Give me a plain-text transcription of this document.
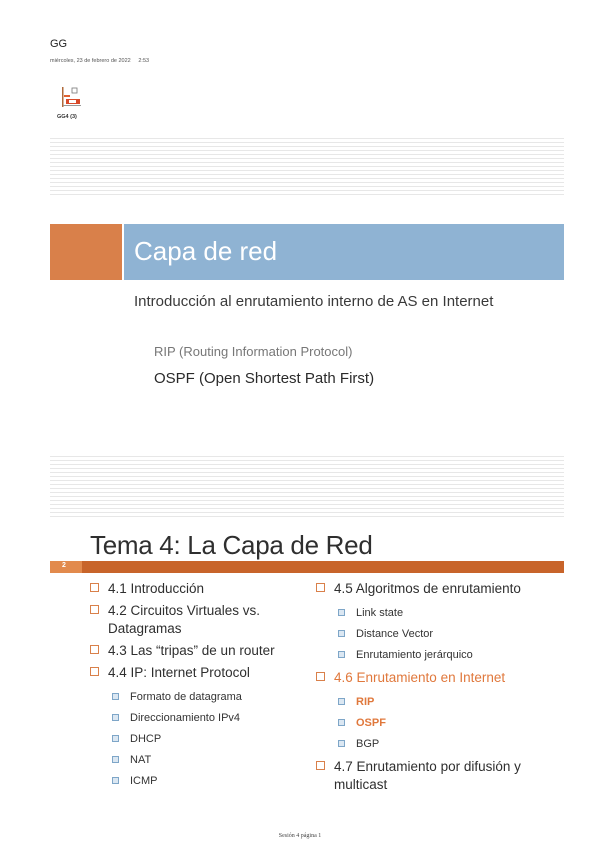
GG
miércoles, 23 de febrero de 2022 2:53
GG4 (3)
Capa de red
Introducción al enrutamiento interno de AS en Internet
RIP (Routing Information Protocol)
OSPF (Open Shortest Path First)
Tema 4: La Capa de Red
2
4.1 Introducción
4.2 Circuitos Virtuales vs. Datagramas
4.3 Las “tripas” de un router
4.4 IP: Internet Protocol
Formato de datagrama
Direccionamiento IPv4
DHCP
NAT
ICMP
4.5 Algoritmos de enrutamiento
Link state
Distance Vector
Enrutamiento jerárquico
4.6 Enrutamiento en Internet
RIP
OSPF
BGP
4.7 Enrutamiento por difusión y multicast
Sesión 4 página 1
